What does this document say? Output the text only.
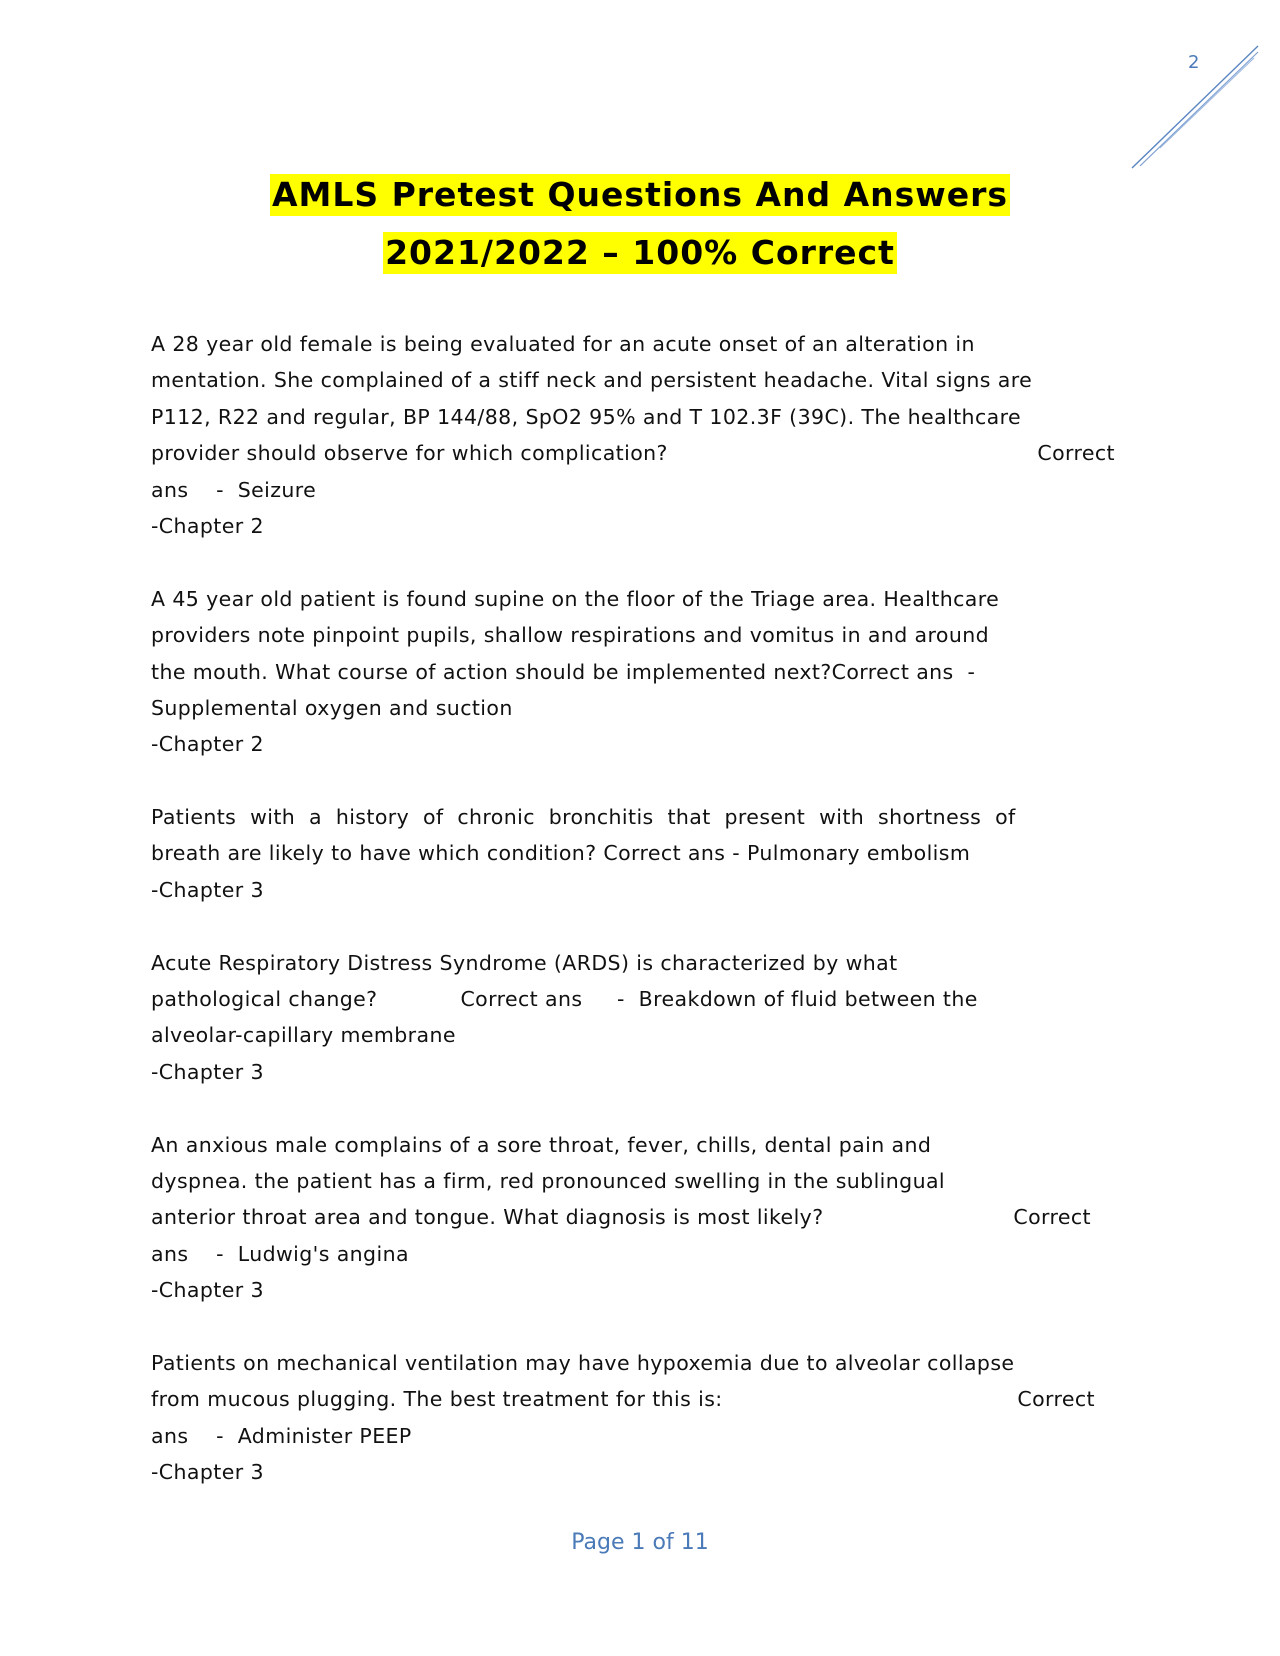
2
AMLS Pretest Questions And Answers
2021/2022 – 100% Correct
A 28 year old female is being evaluated for an acute onset of an alteration in
mentation. She complained of a stiff neck and persistent headache. Vital signs are
P112, R22 and regular, BP 144/88, SpO2 95% and T 102.3F (39C). The healthcare
provider should observe for which complication?	Correct
ans    -  Seizure
-Chapter 2
A 45 year old patient is found supine on the floor of the Triage area. Healthcare
providers note pinpoint pupils, shallow respirations and vomitus in and around
the mouth. What course of action should be implemented next?Correct ans  -
Supplemental oxygen and suction
-Chapter 2
Patients  with  a  history  of  chronic  bronchitis  that  present  with  shortness  of
breath are likely to have which condition? Correct ans - Pulmonary embolism
-Chapter 3
Acute Respiratory Distress Syndrome (ARDS) is characterized by what
pathological change?            Correct ans     -  Breakdown of fluid between the
alveolar-capillary membrane
-Chapter 3
An anxious male complains of a sore throat, fever, chills, dental pain and
dyspnea. the patient has a firm, red pronounced swelling in the sublingual
anterior throat area and tongue. What diagnosis is most likely?	Correct
ans    -  Ludwig's angina
-Chapter 3
Patients on mechanical ventilation may have hypoxemia due to alveolar collapse
from mucous plugging. The best treatment for this is:	Correct
ans    -  Administer PEEP
-Chapter 3
Page 1 of 11
